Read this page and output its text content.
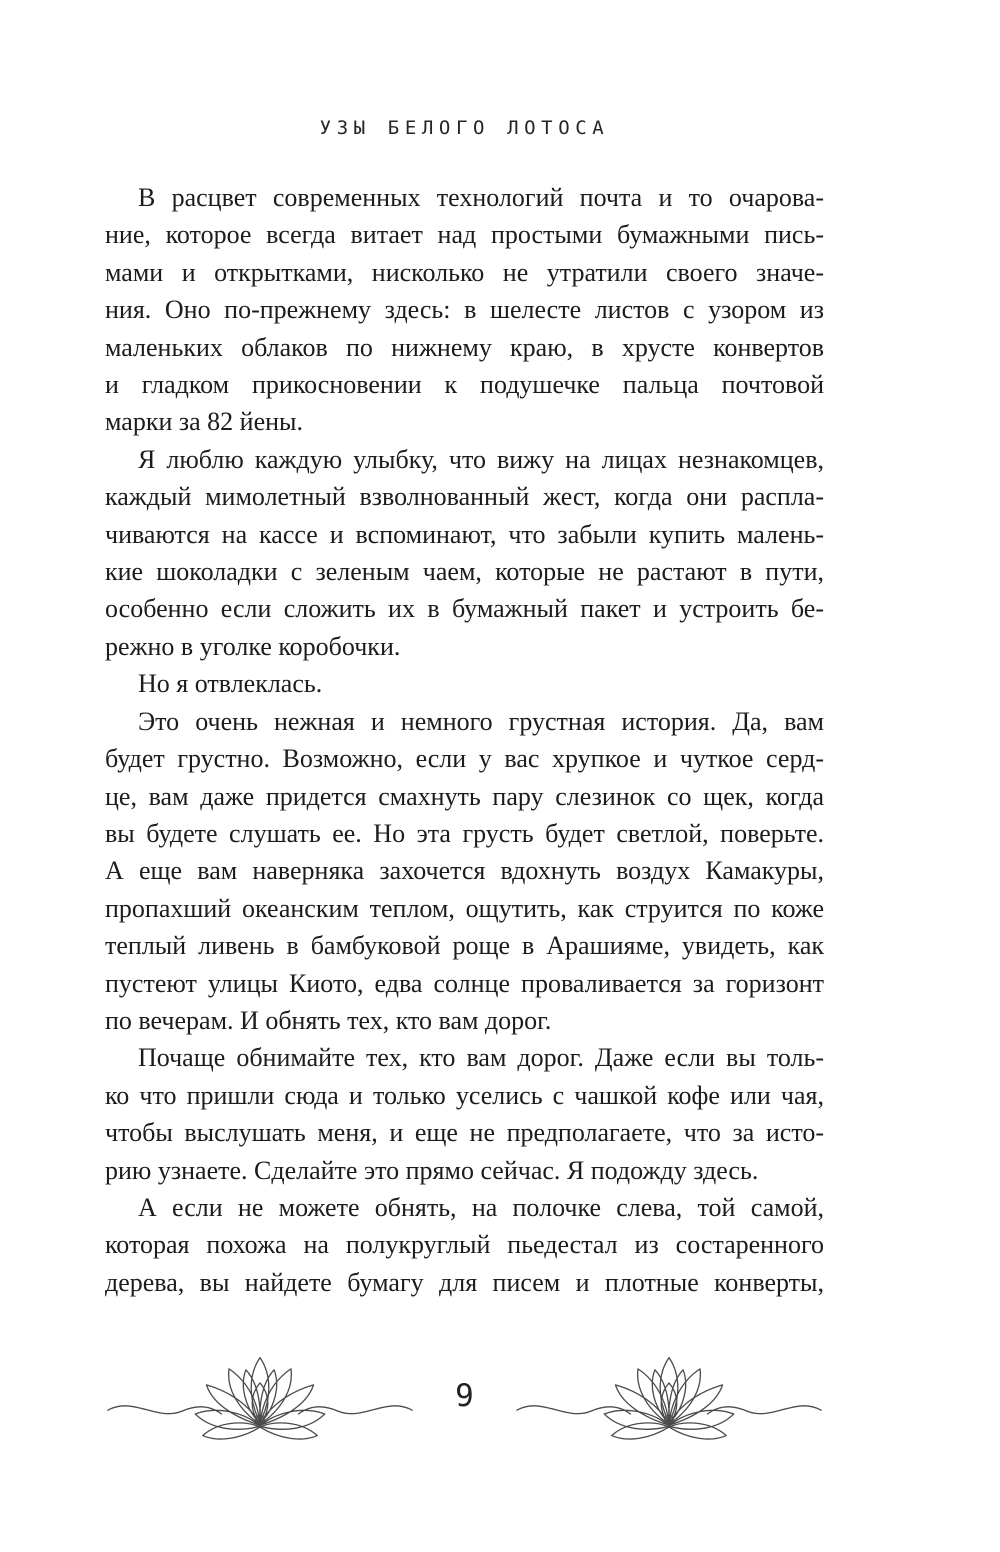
УЗЫ БЕЛОГО ЛОТОСА
В расцвет современных технологий почта и то очарова-
ние, которое всегда витает над простыми бумажными пись-
мами и открытками, нисколько не утратили своего значе-
ния. Оно по-прежнему здесь: в шелесте листов с узором из
маленьких облаков по нижнему краю, в хрусте конвертов
и гладком прикосновении к подушечке пальца почтовой
марки за 82 йены.
Я люблю каждую улыбку, что вижу на лицах незнакомцев,
каждый мимолетный взволнованный жест, когда они распла-
чиваются на кассе и вспоминают, что забыли купить малень-
кие шоколадки с зеленым чаем, которые не растают в пути,
особенно если сложить их в бумажный пакет и устроить бе-
режно в уголке коробочки.
Но я отвлеклась.
Это очень нежная и немного грустная история. Да, вам
будет грустно. Возможно, если у вас хрупкое и чуткое серд-
це, вам даже придется смахнуть пару слезинок со щек, когда
вы будете слушать ее. Но эта грусть будет светлой, поверьте.
А еще вам наверняка захочется вдохнуть воздух Камакуры,
пропахший океанским теплом, ощутить, как струится по коже
теплый ливень в бамбуковой роще в Арашияме, увидеть, как
пустеют улицы Киото, едва солнце проваливается за горизонт
по вечерам. И обнять тех, кто вам дорог.
Почаще обнимайте тех, кто вам дорог. Даже если вы толь-
ко что пришли сюда и только уселись с чашкой кофе или чая,
чтобы выслушать меня, и еще не предполагаете, что за исто-
рию узнаете. Сделайте это прямо сейчас. Я подожду здесь.
А если не можете обнять, на полочке слева, той самой,
которая похожа на полукруглый пьедестал из состаренного
дерева, вы найдете бумагу для писем и плотные конверты,
9
